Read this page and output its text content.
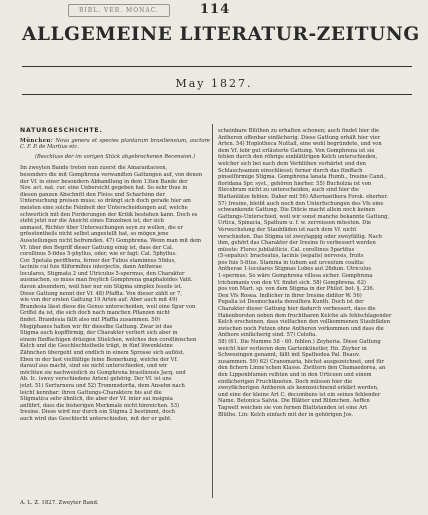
BIBL. VER. MONAC.	114
ALLGEMEINE LITERATUR-ZEITUNG
May 1827.
NATURGESCHICHTE.
München: Nova genera et species plantarum brasiliensium, auctore C. F. P. de Martius etc.
(Beschluss der im vorigen Stück abgebrochenen Recension.)
Im zweyten Bande treten nun zuerst die Amarantaceen,
besonders die mit Gomphrena verwandten Gattungen auf, von denen
der Vf. in einer besondern Abhandlung in dem 13ten Bande der
Nov. act. nat. cur. eine Uebersicht gegeben hat. So sehr thue in
diesen ganzen Abschnitt den Fleiss und Scharfsinn der
Untersuchung preisen muss; so drängt sich doch gerade hier am
meisten eine solche Feinheit der Unterscheidungen auf, welche
schwerlich mit den Forderungen der Kritik bestehen kann. Doch es
steht jetzt nur die Ansicht eines Einzelnen ist, der sich
anmasst, Richter über Untersuchungen seyn zu wollen, die er
grösstentheils nicht selbst angestellt hat, so mögen jene
Ausstellungen nicht befremden. 47) Gomphrena. Wenn man mit dem
Vf. über den Begriff dieser Gattung einig ist, dass der Cal.
corollinus 5-fidus 5-phyllus, oder, wie er fagt: Cal. 5phyllus.
Cor. 5petala perifthera, ferner der Tubus stamineus 5fidus,
laciniis cui fuis filiformibus interjectis, dann Antherae
loculares, Stigmata 2 und Utriculus 5-spermus, den Charakter
ausmachen, so muss man freylich Gomphrena gnaphaloides Vahl.
davon absondern, weil hier nur ein Stigma simplex fessile ist.
Diese Gattung nennt der Vf. 48) Pfaffia. Von dieser zählt er 7,
wie von der ersten Gattung 19 Arten auf. Aber auch mit 49)
Brandesia lässt diese die Genus unterscheiden, weil eine Spur von
Griffel da ist, die sich doch nach manchen Pflanzen nicht
findet. Brandesia fällt also mit Pfaffia zusammen. 50)
Mogiphanes halten wir für dieselbe Gattung. Zwar ist das
Stigma auch kopfförmig, der Charakter verliert sich aber in
einem fünffachigen drüsigen Stielchen, welches den corollinischen
Kelch und die Geschlechtstheile trägt, in fünf löwenkleine
Zähnchen übergeht und endlich in einem Sprosse sich auflöst.
Eben in der fast vielfältige feine Bemerkung, welche der Vf.
darauf aus macht, sind sie nicht unterschieden, und wir
möchten sie nachweislich zu Gomphrena brasiliensis Jacq. und
Ab. Ic. (swey verschiedene Arten) gehörig. Der Vf. ist uns
jetzt. 51) Serturnera und 52) Trommsdorfia, dem Ansehn nach
leicht kennbar: ihren Gattungs-Charaktere bis auf die
Stigmatica sehr ähnlich, die aber der Vf. inter sui insignia
anführt, dass die bisherigen Merkmale nicht hinreichen. 53)
Iresine. Diese wird nur durch ein Stigma 2 bestimmt, doch
auch wird das Geschlecht unterschieden, mit der er geht.
scheinbare Blüthen zu erhalten schonen; auch findet hier die
Antheren offenbar einfächerig. Diese Gattung erhält hier vier
Arten. 54) Hoplotheca Nuttall, eine wohl begründete, und von
dem Vf. lebr gut erläuterte Gattung. Von Gomphrena ist sie
fehlen durch den röhrige einblättrigen Kelch unterschieden,
welcher sich bei nach dem Verblühen verhärtet und den
Schlauchsamen einschliesst; ferner durch das fünffach
pinselförmige Stigma. Gomphrena lanata Humb., Iresine Cand.,
floridana Spr. syst., gehören hierher. 55) Bucholzia ist von
Illecebrum nicht zu unterscheiden, auch sind hier die
Blattanlätze fehlen. Daher mit 56) Alternanthera Forsk. eherher.
57) Iresine, bleibt auch noch den Unterfuchungen des Vfs eine
schwankende Gattung. Die Diöcie macht allein noch keinen
Gattungs-Unterschied, weil wir sonst manche bekannte Gattung,
Urtica, Spinacia, Spathum u. f. w. zerreissen müssten. Die
Verwechslung der Staubfäden ist nach dem Vf. nicht
verschieden. Das Stigma ist zweylappig oder zweyfältig. Nach
ihm, gehört das Charakter der Iresine fo verbessert werden
müsste: Flores jubilatilicis. Cal. corollinus 5partitus
(5-sepalus): bracteatus, lacinis (sepalis) nervosis, fruits
pos fuis 5-fitus. Stamina in tubum aut urceolum coalita:
Antherae 1-loculares Stigmas Lobes aut 2fidum. Utriculus
1-spermus. So wäre Gomphrena villosa sicher. Gomphrena
trichomanis von den Vf. findet sich. 58) Gomphrena. 62)
pos von Mart. sp. von dem Stigma in der Philof. bot. §. 236.
Den Vfs Rosea. Indlicher in ihrer Iresine diditor W. 56)
Pupalia ist Desmochaeta densiflora Kunth. Doch ist der
Charakter dieser Gattung hier dadurch verbessert, dass die
Hakenborsten neben dem fruchtbaren Kelche als fehlschlagender
Kelch erscheinen, dass vielfachen den vollkommenen Staubfäden
zwischen noch Fetzen ohne Antheren vorkommen und dass die
Anthere einfächerig sind. 57) Celofia.
58) (61. Die Numme 58 - 60. fehlen.) Zeyheria. Diese Gattung
weicht hier verlieren dem Gartenkünstler, Hn. Zeyher in
Schwezingen genannt, fällt mit Spathodea Pal. Beauv.
zusammen. 59) 62) Cranomaria, höchst ausgezeichnet, und für
den fichern Linne'schen Klasse. Zwittern den Chamaedorea, an
den Lippenblumen reihten und in den Urticeen und einem
einfächerigen Fruchtknoten. Doch müssen hier die
zweyfächerigen Antheren als kennzeichnend erklärt werden,
und eine der kleine Art C. decumbens ist ein seines fehlender
Name. Betonica Salvia. Die Blätter und Blümchen. Aeffen
Tagwelt weichen sie von fernen Blattstanden ist eine Art
Blüthe. Lin: Kelch einfach mit der in gehörigen Jos.
A. L. Z. 1827. Zweyter Band.
